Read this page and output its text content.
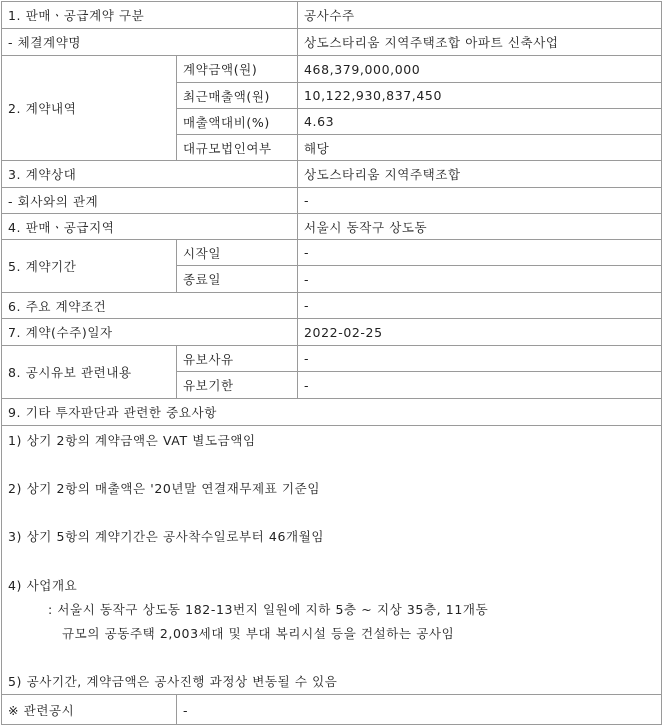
1. 판매ㆍ공급계약 구분	공사수주
- 체결계약명	상도스타리움 지역주택조합 아파트 신축사업
2. 계약내역
계약금액(원)	468,379,000,000
최근매출액(원)	10,122,930,837,450
매출액대비(%)	4.63
대규모법인여부	해당
3. 계약상대	상도스타리움 지역주택조합
- 회사와의 관계	-
4. 판매ㆍ공급지역	서울시 동작구 상도동
5. 계약기간
시작일	-
종료일	-
6. 주요 계약조건	-
7. 계약(수주)일자	2022-02-25
8. 공시유보 관련내용
유보사유	-
유보기한	-
9. 기타 투자판단과 관련한 중요사항
1) 상기 2항의 계약금액은 VAT 별도금액임
2) 상기 2항의 매출액은 '20년말 연결재무제표 기준임
3) 상기 5항의 계약기간은 공사착수일로부터 46개월임
4) 사업개요
: 서울시 동작구 상도동 182-13번지 일원에 지하 5층 ~ 지상 35층, 11개동
규모의 공동주택 2,003세대 및 부대 복리시설 등을 건설하는 공사임
5) 공사기간, 계약금액은 공사진행 과정상 변동될 수 있음
※ 관련공시	-
